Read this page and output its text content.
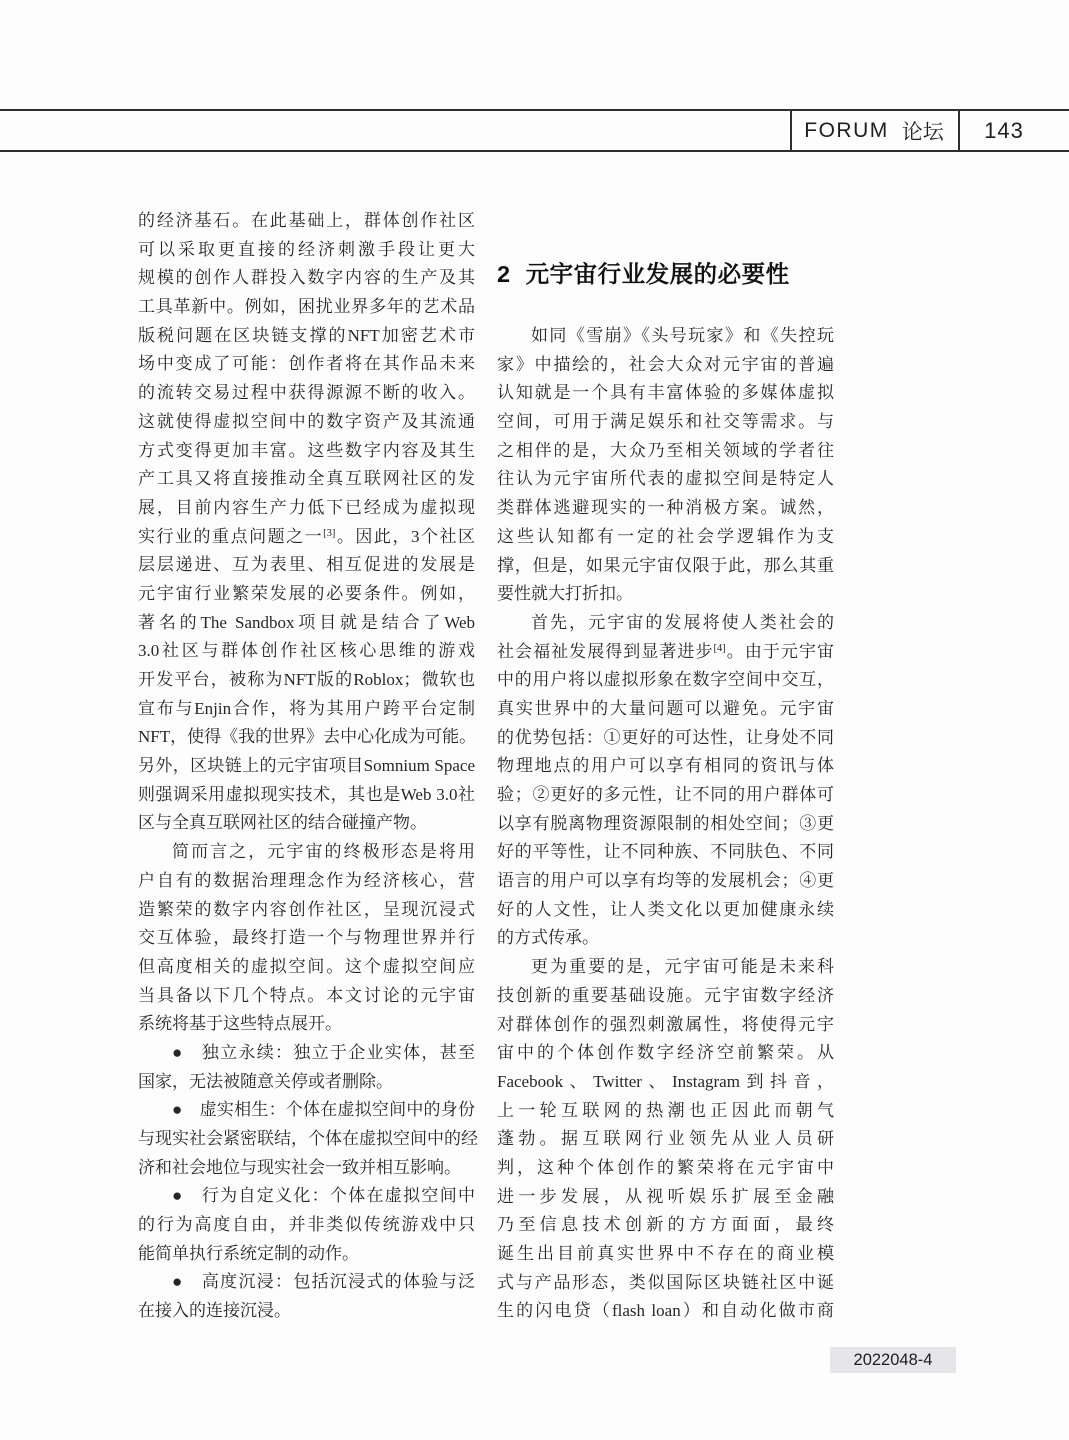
FORUM 论坛	143
的经济基石。在此基础上，群体创作社区
可以采取更直接的经济刺激手段让更大
规模的创作人群投入数字内容的生产及其
工具革新中。例如，困扰业界多年的艺术品
版税问题在区块链支撑的NFT加密艺术市
场中变成了可能：创作者将在其作品未来
的流转交易过程中获得源源不断的收入。
这就使得虚拟空间中的数字资产及其流通
方式变得更加丰富。这些数字内容及其生
产工具又将直接推动全真互联网社区的发
展，目前内容生产力低下已经成为虚拟现
实行业的重点问题之一[3]。因此，3个社区
层层递进、互为表里、相互促进的发展是
元宇宙行业繁荣发展的必要条件。例如，
著名的The Sandbox项目就是结合了Web
3.0社区与群体创作社区核心思维的游戏
开发平台，被称为NFT版的Roblox；微软也
宣布与Enjin合作，将为其用户跨平台定制
NFT，使得《我的世界》去中心化成为可能。
另外，区块链上的元宇宙项目Somnium Space
则强调采用虚拟现实技术，其也是Web 3.0社
区与全真互联网社区的结合碰撞产物。
简而言之，元宇宙的终极形态是将用
户自有的数据治理理念作为经济核心，营
造繁荣的数字内容创作社区，呈现沉浸式
交互体验，最终打造一个与物理世界并行
但高度相关的虚拟空间。这个虚拟空间应
当具备以下几个特点。本文讨论的元宇宙
系统将基于这些特点展开。
●　独立永续：独立于企业实体，甚至
国家，无法被随意关停或者删除。
●　虚实相生：个体在虚拟空间中的身份
与现实社会紧密联结，个体在虚拟空间中的经
济和社会地位与现实社会一致并相互影响。
●　行为自定义化：个体在虚拟空间中
的行为高度自由，并非类似传统游戏中只
能简单执行系统定制的动作。
●　高度沉浸：包括沉浸式的体验与泛
在接入的连接沉浸。
2 元宇宙行业发展的必要性
如同《雪崩》《头号玩家》和《失控玩
家》中描绘的，社会大众对元宇宙的普遍
认知就是一个具有丰富体验的多媒体虚拟
空间，可用于满足娱乐和社交等需求。与
之相伴的是，大众乃至相关领域的学者往
往认为元宇宙所代表的虚拟空间是特定人
类群体逃避现实的一种消极方案。诚然，
这些认知都有一定的社会学逻辑作为支
撑，但是，如果元宇宙仅限于此，那么其重
要性就大打折扣。
首先，元宇宙的发展将使人类社会的
社会福祉发展得到显著进步[4]。由于元宇宙
中的用户将以虚拟形象在数字空间中交互，
真实世界中的大量问题可以避免。元宇宙
的优势包括：①更好的可达性，让身处不同
物理地点的用户可以享有相同的资讯与体
验；②更好的多元性，让不同的用户群体可
以享有脱离物理资源限制的相处空间；③更
好的平等性，让不同种族、不同肤色、不同
语言的用户可以享有均等的发展机会；④更
好的人文性，让人类文化以更加健康永续
的方式传承。
更为重要的是，元宇宙可能是未来科
技创新的重要基础设施。元宇宙数字经济
对群体创作的强烈刺激属性，将使得元宇
宙中的个体创作数字经济空前繁荣。从
Facebook、Twitter、Instagram到抖音，
上一轮互联网的热潮也正因此而朝气
蓬勃。据互联网行业领先从业人员研
判，这种个体创作的繁荣将在元宇宙中
进一步发展，从视听娱乐扩展至金融
乃至信息技术创新的方方面面，最终
诞生出目前真实世界中不存在的商业模
式与产品形态，类似国际区块链社区中诞
生的闪电贷（flash loan）和自动化做市商
2022048-4
